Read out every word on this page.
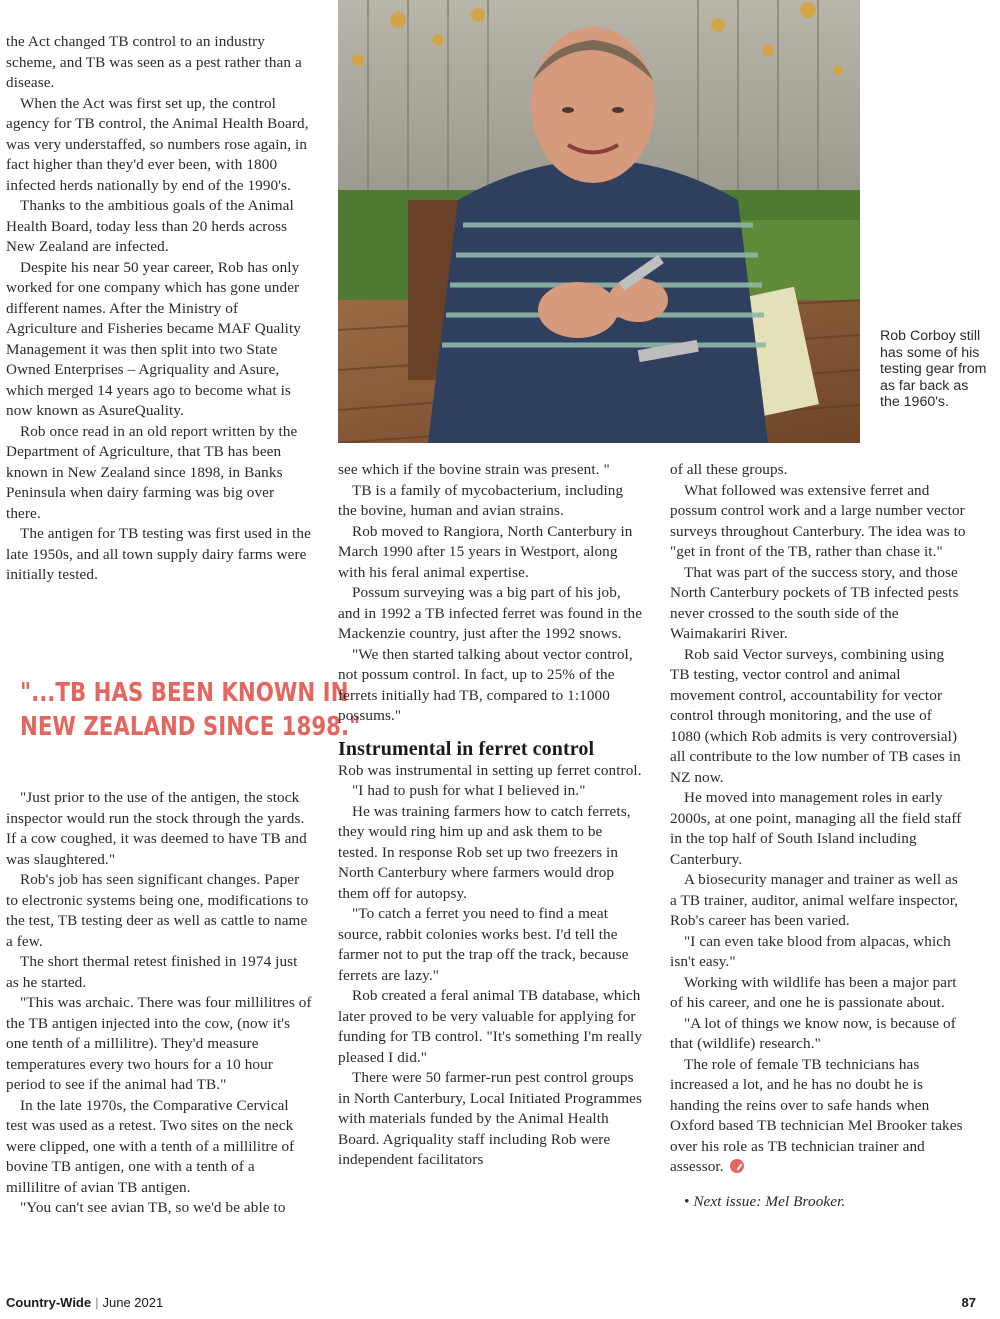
the Act changed TB control to an industry scheme, and TB was seen as a pest rather than a disease.

When the Act was first set up, the control agency for TB control, the Animal Health Board, was very understaffed, so numbers rose again, in fact higher than they'd ever been, with 1800 infected herds nationally by end of the 1990's.

Thanks to the ambitious goals of the Animal Health Board, today less than 20 herds across New Zealand are infected.

Despite his near 50 year career, Rob has only worked for one company which has gone under different names. After the Ministry of Agriculture and Fisheries became MAF Quality Management it was then split into two State Owned Enterprises – Agriquality and Asure, which merged 14 years ago to become what is now known as AsureQuality.

Rob once read in an old report written by the Department of Agriculture, that TB has been known in New Zealand since 1898, in Banks Peninsula when dairy farming was big over there.

The antigen for TB testing was first used in the late 1950s, and all town supply dairy farms were initially tested.

"...TB HAS BEEN KNOWN IN
NEW ZEALAND SINCE 1898."

"Just prior to the use of the antigen, the stock inspector would run the stock through the yards. If a cow coughed, it was deemed to have TB and was slaughtered."

Rob's job has seen significant changes. Paper to electronic systems being one, modifications to the test, TB testing deer as well as cattle to name a few.

The short thermal retest finished in 1974 just as he started.

"This was archaic. There was four millilitres of the TB antigen injected into the cow, (now it's one tenth of a millilitre). They'd measure temperatures every two hours for a 10 hour period to see if the animal had TB."

In the late 1970s, the Comparative Cervical test was used as a retest. Two sites on the neck were clipped, one with a tenth of a millilitre of bovine TB antigen, one with a tenth of a millilitre of avian TB antigen.

"You can't see avian TB, so we'd be able to

Rob Corboy still has some of his testing gear from as far back as the 1960's.

see which if the bovine strain was present. "

TB is a family of mycobacterium, including the bovine, human and avian strains.

Rob moved to Rangiora, North Canterbury in March 1990 after 15 years in Westport, along with his feral animal expertise.

Possum surveying was a big part of his job, and in 1992 a TB infected ferret was found in the Mackenzie country, just after the 1992 snows.

"We then started talking about vector control, not possum control. In fact, up to 25% of the ferrets initially had TB, compared to 1:1000 possums."

Instrumental in ferret control

Rob was instrumental in setting up ferret control.

"I had to push for what I believed in."

He was training farmers how to catch ferrets, they would ring him up and ask them to be tested. In response Rob set up two freezers in North Canterbury where farmers would drop them off for autopsy.

"To catch a ferret you need to find a meat source, rabbit colonies works best. I'd tell the farmer not to put the trap off the track, because ferrets are lazy."

Rob created a feral animal TB database, which later proved to be very valuable for applying for funding for TB control. "It's something I'm really pleased I did."

There were 50 farmer-run pest control groups in North Canterbury, Local Initiated Programmes with materials funded by the Animal Health Board. Agriquality staff including Rob were independent facilitators

of all these groups.

What followed was extensive ferret and possum control work and a large number vector surveys throughout Canterbury. The idea was to "get in front of the TB, rather than chase it."

That was part of the success story, and those North Canterbury pockets of TB infected pests never crossed to the south side of the Waimakariri River.

Rob said Vector surveys, combining using TB testing, vector control and animal movement control, accountability for vector control through monitoring, and the use of 1080 (which Rob admits is very controversial) all contribute to the low number of TB cases in NZ now.

He moved into management roles in early 2000s, at one point, managing all the field staff in the top half of South Island including Canterbury.

A biosecurity manager and trainer as well as a TB trainer, auditor, animal welfare inspector, Rob's career has been varied.

"I can even take blood from alpacas, which isn't easy."

Working with wildlife has been a major part of his career, and one he is passionate about.

"A lot of things we know now, is because of that (wildlife) research."

The role of female TB technicians has increased a lot, and he has no doubt he is handing the reins over to safe hands when Oxford based TB technician Mel Brooker takes over his role as TB technician trainer and assessor.

• Next issue: Mel Brooker.

Country-Wide | June 2021	87
